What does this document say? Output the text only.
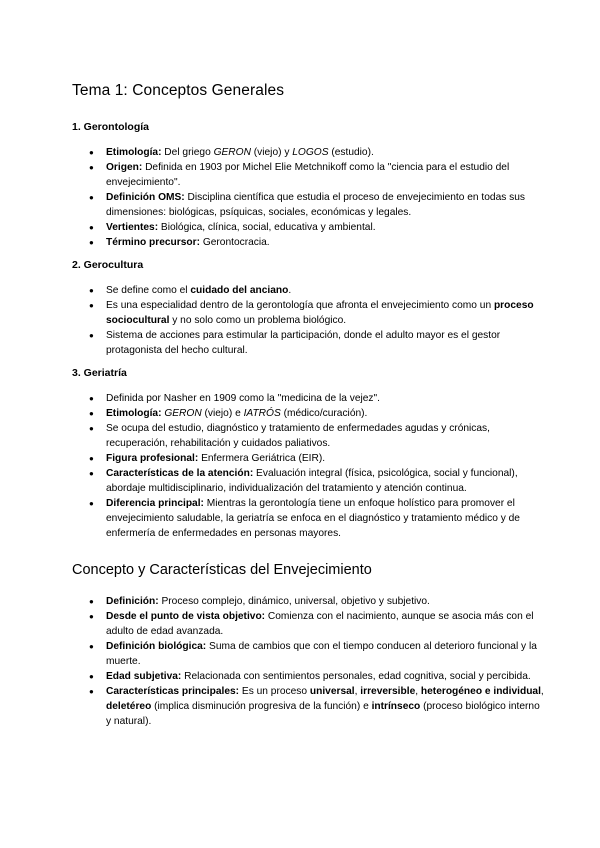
Tema 1: Conceptos Generales
1. Gerontología
● Etimología: Del griego GERON (viejo) y LOGOS (estudio).
● Origen: Definida en 1903 por Michel Elie Metchnikoff como la "ciencia para el estudio del envejecimiento".
● Definición OMS: Disciplina científica que estudia el proceso de envejecimiento en todas sus dimensiones: biológicas, psíquicas, sociales, económicas y legales.
● Vertientes: Biológica, clínica, social, educativa y ambiental.
● Término precursor: Gerontocracia.
2. Gerocultura
● Se define como el cuidado del anciano.
● Es una especialidad dentro de la gerontología que afronta el envejecimiento como un proceso sociocultural y no solo como un problema biológico.
● Sistema de acciones para estimular la participación, donde el adulto mayor es el gestor protagonista del hecho cultural.
3. Geriatría
● Definida por Nasher en 1909 como la "medicina de la vejez".
● Etimología: GERON (viejo) e IATRÓS (médico/curación).
● Se ocupa del estudio, diagnóstico y tratamiento de enfermedades agudas y crónicas, recuperación, rehabilitación y cuidados paliativos.
● Figura profesional: Enfermera Geriátrica (EIR).
● Características de la atención: Evaluación integral (física, psicológica, social y funcional), abordaje multidisciplinario, individualización del tratamiento y atención continua.
● Diferencia principal: Mientras la gerontología tiene un enfoque holístico para promover el envejecimiento saludable, la geriatría se enfoca en el diagnóstico y tratamiento médico y de enfermería de enfermedades en personas mayores.
Concepto y Características del Envejecimiento
● Definición: Proceso complejo, dinámico, universal, objetivo y subjetivo.
● Desde el punto de vista objetivo: Comienza con el nacimiento, aunque se asocia más con el adulto de edad avanzada.
● Definición biológica: Suma de cambios que con el tiempo conducen al deterioro funcional y la muerte.
● Edad subjetiva: Relacionada con sentimientos personales, edad cognitiva, social y percibida.
● Características principales: Es un proceso universal, irreversible, heterogéneo e individual, deletéreo (implica disminución progresiva de la función) e intrínseco (proceso biológico interno y natural).
